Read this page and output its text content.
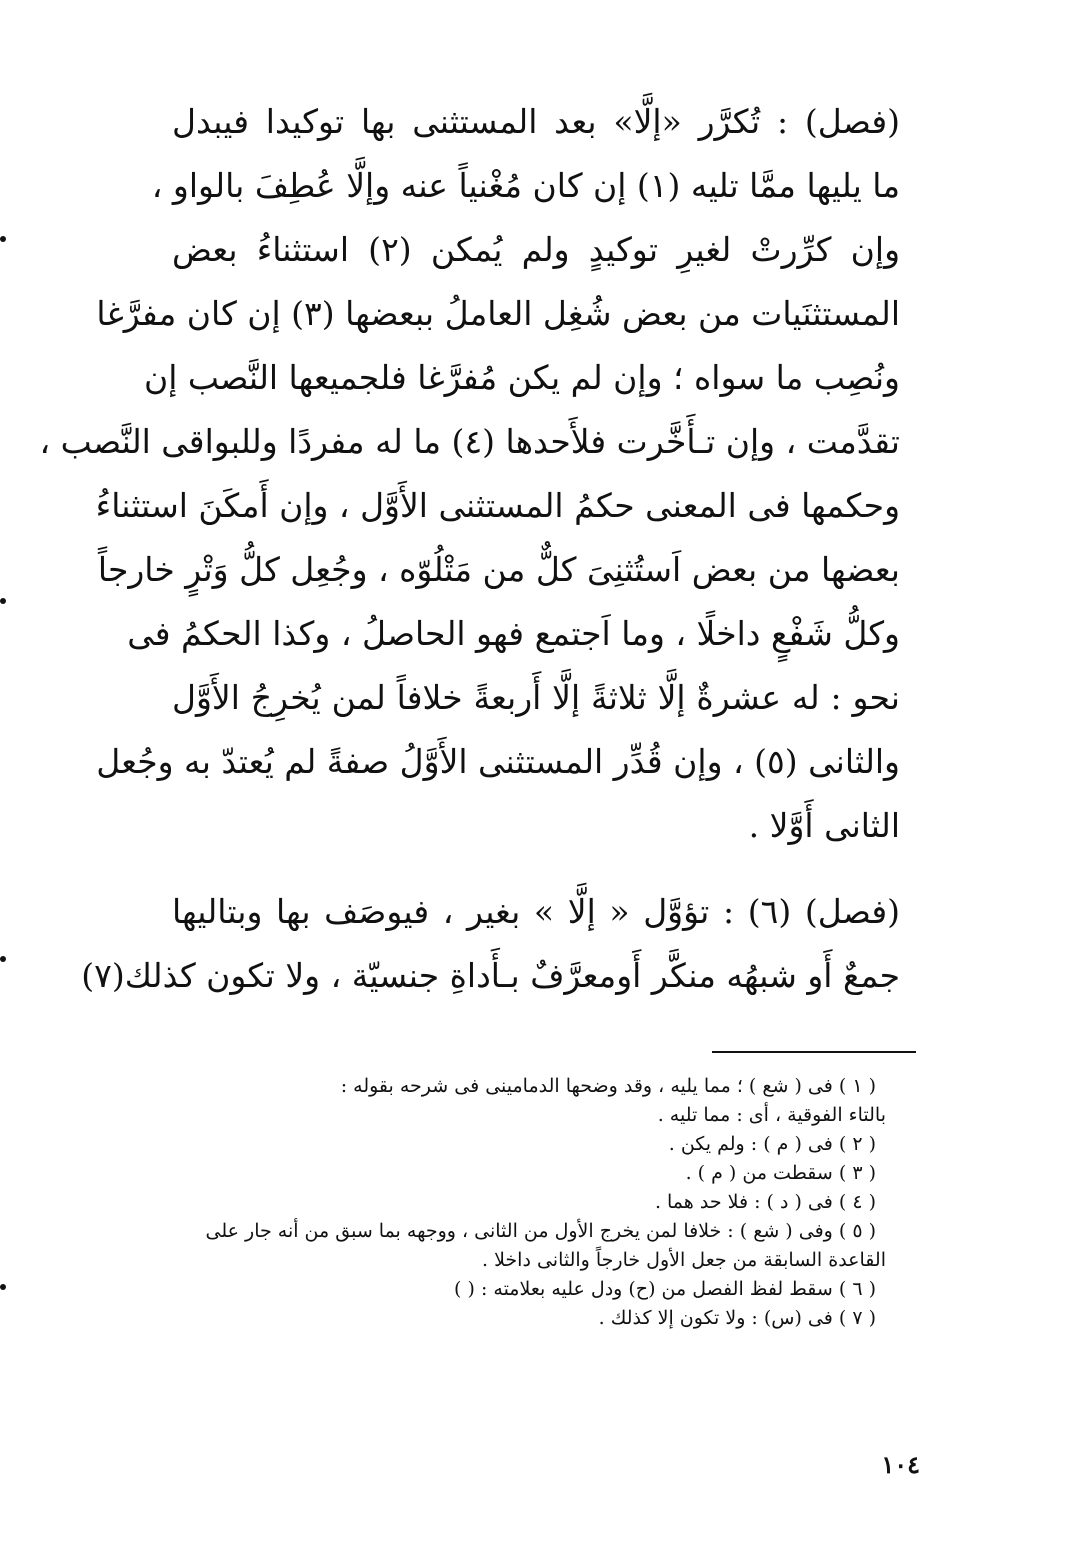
(فصل) : تُكرَّر «إلَّا» بعد المستثنى بها توكيدا فيبدل
ما يليها ممَّا تليه (١) إن كان مُغْنياً عنه وإلَّا عُطِفَ بالواو ،
وإن كرِّرتْ لغيرِ توكيدٍ ولم يُمكن (٢) استثناءُ بعض
المستثنَيات من بعض شُغِل العاملُ ببعضها (٣) إن كان مفرَّغا
ونُصِب ما سواه ؛ وإن لم يكن مُفرَّغا فلجميعها النَّصب إن
تقدَّمت ، وإن تـأَخَّرت فلأَحدها (٤) ما له مفردًا وللبواقى النَّصب ،
وحكمها فى المعنى حكمُ المستثنى الأَوَّل ، وإن أَمكَنَ استثناءُ
بعضها من بعض اَستُثنِىَ كلٌّ من مَتْلُوّه ، وجُعِل كلُّ وَتْرٍ خارجاً
وكلُّ شَفْعٍ داخلًا ، وما اَجتمع فهو الحاصلُ ، وكذا الحكمُ فى
نحو : له عشرةٌ إلَّا ثلاثةً إلَّا أَربعةً خلافاً لمن يُخرِجُ الأَوَّل
والثانى (٥) ، وإن قُدِّر المستثنى الأَوَّلُ صفةً لم يُعتدّ به وجُعل
الثانى أَوَّلا .
(فصل) (٦) : تؤوَّل « إلَّا » بغير ، فيوصَف بها وبتاليها
جمعٌ أَو شبهُه منكَّر أَومعرَّفٌ بـأَداةِ جنسيّة ، ولا تكون كذلك(٧)
( ١ ) فى ( شع ) ؛ مما يليه ، وقد وضحها الدمامينى فى شرحه بقوله :
بالتاء الفوقية ، أى : مما تليه .
( ٢ ) فى ( م ) : ولم يكن .
( ٣ ) سقطت من ( م ) .
( ٤ ) فى ( د ) : فلا حد هما .
( ٥ ) وفى ( شع ) : خلافا لمن يخرج الأول من الثانى ، ووجهه بما سبق من أنه جار على
القاعدة السابقة من جعل الأول خارجاً والثانى داخلا .
( ٦ ) سقط لفظ الفصل من (ح) ودل عليه بعلامته : ( )
( ٧ ) فى (س) : ولا تكون إلا كذلك .
١٠٤
